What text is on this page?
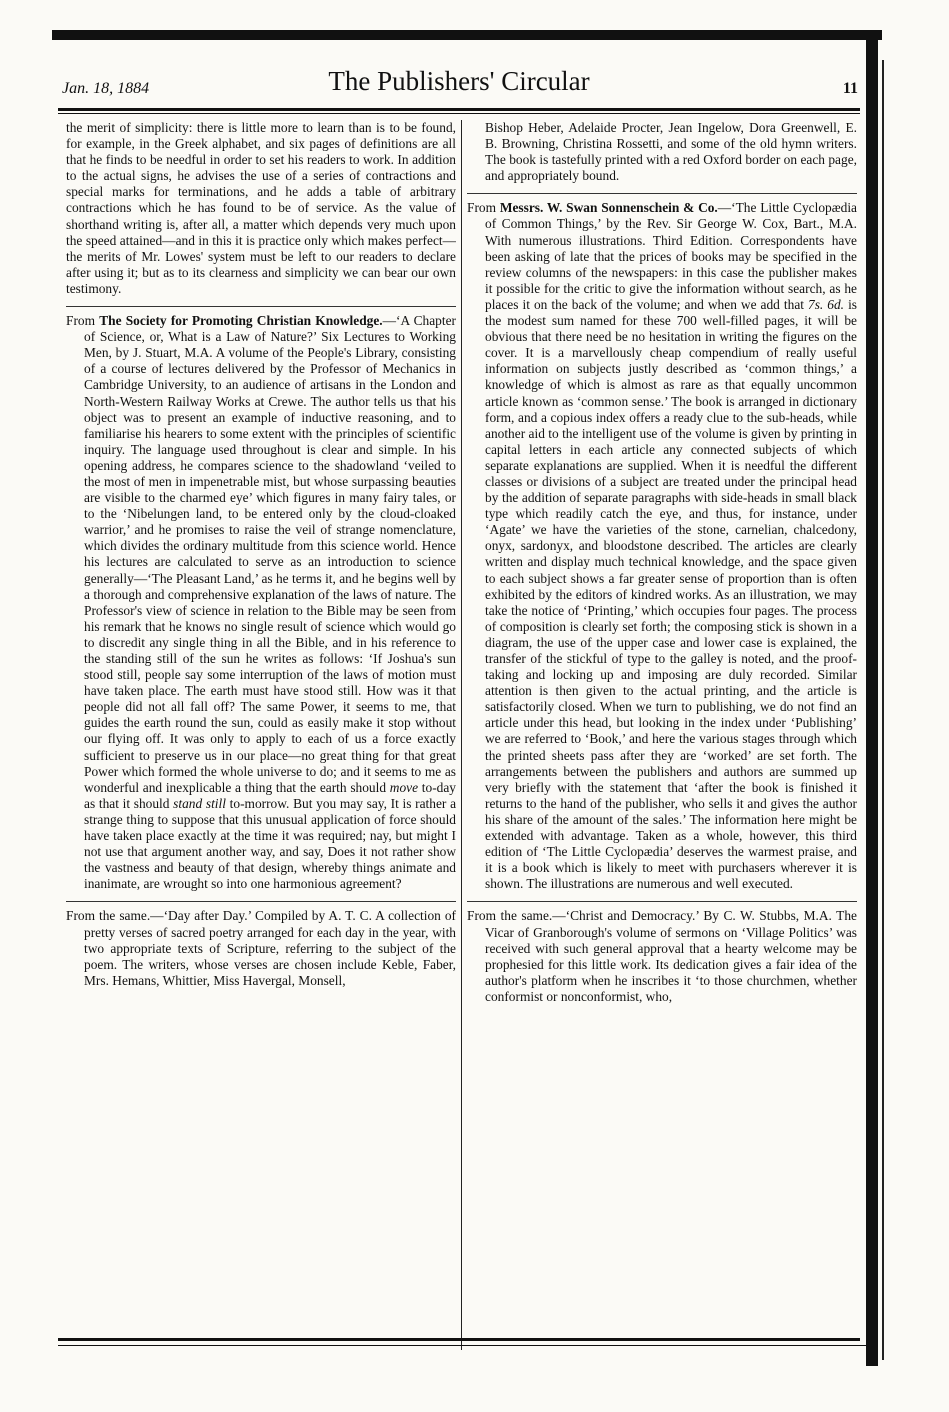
Jan. 18, 1884	The Publishers' Circular	11

the merit of simplicity: there is little more to learn than is to be found, for example, in the Greek alphabet, and six pages of definitions are all that he finds to be needful in order to set his readers to work. In addition to the actual signs, he advises the use of a series of contractions and special marks for terminations, and he adds a table of arbitrary contractions which he has found to be of service. As the value of shorthand writing is, after all, a matter which depends very much upon the speed attained—and in this it is practice only which makes perfect—the merits of Mr. Lowes' system must be left to our readers to declare after using it; but as to its clearness and simplicity we can bear our own testimony.

From The Society for Promoting Christian Knowledge.—‘A Chapter of Science, or, What is a Law of Nature?’ Six Lectures to Working Men, by J. Stuart, M.A. A volume of the People's Library, consisting of a course of lectures delivered by the Professor of Mechanics in Cambridge University, to an audience of artisans in the London and North-Western Railway Works at Crewe. The author tells us that his object was to present an example of inductive reasoning, and to familiarise his hearers to some extent with the principles of scientific inquiry. The language used throughout is clear and simple. In his opening address, he compares science to the shadowland ‘veiled to the most of men in impenetrable mist, but whose surpassing beauties are visible to the charmed eye’ which figures in many fairy tales, or to the ‘Nibelungen land, to be entered only by the cloud-cloaked warrior,’ and he promises to raise the veil of strange nomenclature, which divides the ordinary multitude from this science world. Hence his lectures are calculated to serve as an introduction to science generally—‘The Pleasant Land,’ as he terms it, and he begins well by a thorough and comprehensive explanation of the laws of nature. The Professor's view of science in relation to the Bible may be seen from his remark that he knows no single result of science which would go to discredit any single thing in all the Bible, and in his reference to the standing still of the sun he writes as follows: ‘If Joshua's sun stood still, people say some interruption of the laws of motion must have taken place. The earth must have stood still. How was it that people did not all fall off? The same Power, it seems to me, that guides the earth round the sun, could as easily make it stop without our flying off. It was only to apply to each of us a force exactly sufficient to preserve us in our place—no great thing for that great Power which formed the whole universe to do; and it seems to me as wonderful and inexplicable a thing that the earth should move to-day as that it should stand still to-morrow. But you may say, It is rather a strange thing to suppose that this unusual application of force should have taken place exactly at the time it was required; nay, but might I not use that argument another way, and say, Does it not rather show the vastness and beauty of that design, whereby things animate and inanimate, are wrought so into one harmonious agreement?

From the same.—‘Day after Day.’ Compiled by A. T. C. A collection of pretty verses of sacred poetry arranged for each day in the year, with two appropriate texts of Scripture, referring to the subject of the poem. The writers, whose verses are chosen include Keble, Faber, Mrs. Hemans, Whittier, Miss Havergal, Monsell,

Bishop Heber, Adelaide Procter, Jean Ingelow, Dora Greenwell, E. B. Browning, Christina Rossetti, and some of the old hymn writers. The book is tastefully printed with a red Oxford border on each page, and appropriately bound.

From Messrs. W. Swan Sonnenschein & Co.—‘The Little Cyclopædia of Common Things,’ by the Rev. Sir George W. Cox, Bart., M.A. With numerous illustrations. Third Edition. Correspondents have been asking of late that the prices of books may be specified in the review columns of the newspapers: in this case the publisher makes it possible for the critic to give the information without search, as he places it on the back of the volume; and when we add that 7s. 6d. is the modest sum named for these 700 well-filled pages, it will be obvious that there need be no hesitation in writing the figures on the cover. It is a marvellously cheap compendium of really useful information on subjects justly described as ‘common things,’ a knowledge of which is almost as rare as that equally uncommon article known as ‘common sense.’ The book is arranged in dictionary form, and a copious index offers a ready clue to the sub-heads, while another aid to the intelligent use of the volume is given by printing in capital letters in each article any connected subjects of which separate explanations are supplied. When it is needful the different classes or divisions of a subject are treated under the principal head by the addition of separate paragraphs with side-heads in small black type which readily catch the eye, and thus, for instance, under ‘Agate’ we have the varieties of the stone, carnelian, chalcedony, onyx, sardonyx, and bloodstone described. The articles are clearly written and display much technical knowledge, and the space given to each subject shows a far greater sense of proportion than is often exhibited by the editors of kindred works. As an illustration, we may take the notice of ‘Printing,’ which occupies four pages. The process of composition is clearly set forth; the composing stick is shown in a diagram, the use of the upper case and lower case is explained, the transfer of the stickful of type to the galley is noted, and the proof-taking and locking up and imposing are duly recorded. Similar attention is then given to the actual printing, and the article is satisfactorily closed. When we turn to publishing, we do not find an article under this head, but looking in the index under ‘Publishing’ we are referred to ‘Book,’ and here the various stages through which the printed sheets pass after they are ‘worked’ are set forth. The arrangements between the publishers and authors are summed up very briefly with the statement that ‘after the book is finished it returns to the hand of the publisher, who sells it and gives the author his share of the amount of the sales.’ The information here might be extended with advantage. Taken as a whole, however, this third edition of ‘The Little Cyclopædia’ deserves the warmest praise, and it is a book which is likely to meet with purchasers wherever it is shown. The illustrations are numerous and well executed.

From the same.—‘Christ and Democracy.’ By C. W. Stubbs, M.A. The Vicar of Granborough's volume of sermons on ‘Village Politics’ was received with such general approval that a hearty welcome may be prophesied for this little work. Its dedication gives a fair idea of the author's platform when he inscribes it ‘to those churchmen, whether conformist or nonconformist, who,
